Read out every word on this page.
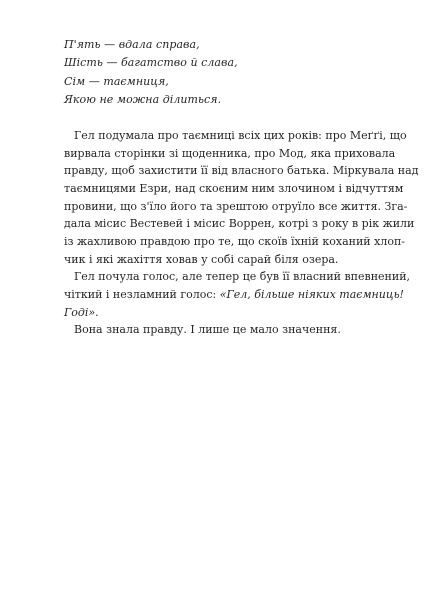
П'ять — вдала справа,
Шість — багатство й слава,
Сім — таємниця,
Якою не можна ділиться.
Гел подумала про таємниці всіх цих років: про Меґґі, що
вирвала сторінки зі щоденника, про Мод, яка приховала
правду, щоб захистити її від власного батька. Міркувала над
таємницями Езри, над скоєним ним злочином і відчуттям
провини, що з'їло його та зрештою отруїло все життя. Зга-
дала місис Вестевей і місис Воррен, котрі з року в рік жили
із жахливою правдою про те, що скоїв їхній коханий хлоп-
чик і які жахіття ховав у собі сарай біля озера.
Гел почула голос, але тепер це був її власний впевнений,
чіткий і незламний голос: «Гел, більше ніяких таємниць!
Годі».
Вона знала правду. І лише це мало значення.
